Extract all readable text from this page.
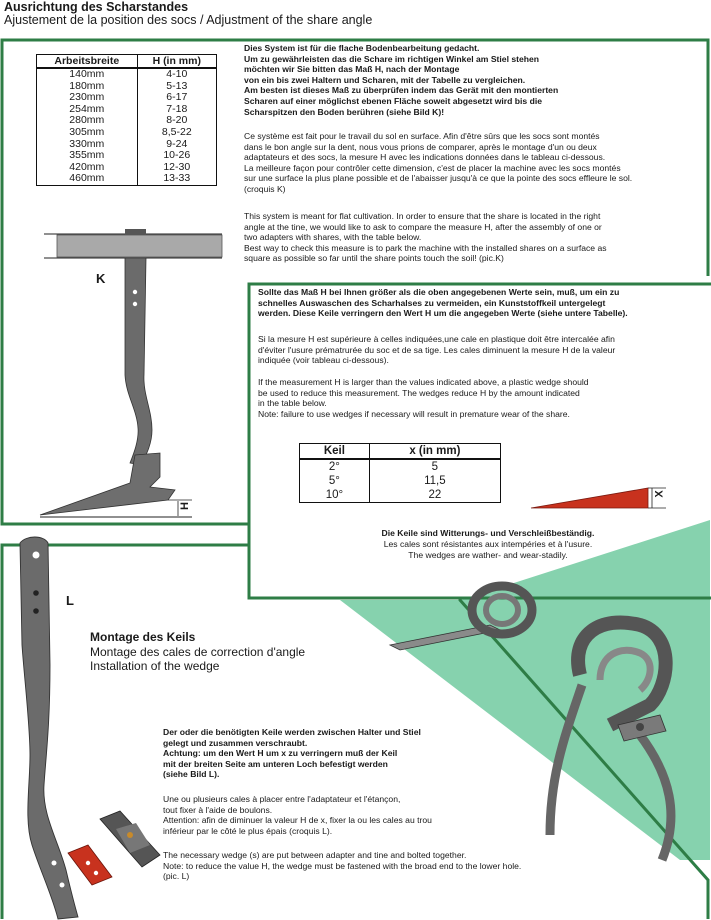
Ausrichtung des Scharstandes
Ajustement de la position des socs / Adjustment of the share angle
Arbeitsbreite	H (in mm)
140mm	4-10
180mm	5-13
230mm	6-17
254mm	7-18
280mm	8-20
305mm	8,5-22
330mm	9-24
355mm	10-26
420mm	12-30
460mm	13-33
Dies System ist für die flache Bodenbearbeitung gedacht.
Um zu gewährleisten das die Schare im richtigen Winkel am Stiel stehen
möchten wir Sie bitten das Maß H, nach der Montage
von ein bis zwei Haltern und Scharen, mit der Tabelle zu vergleichen.
Am besten ist dieses Maß zu überprüfen indem das Gerät mit den montierten
Scharen auf einer möglichst ebenen Fläche soweit abgesetzt wird bis die
Scharspitzen den Boden berühren (siehe Bild K)!
Ce système est fait pour le travail du sol en surface. Afin d'être sûrs que les socs sont montés
dans le bon angle sur la dent, nous vous prions de comparer, après le montage d'un ou deux
adaptateurs et des socs, la mesure H avec les indications données dans le tableau ci-dessous.
La meilleure façon pour contrôler cette dimension, c'est de placer la machine avec les socs montés
sur une surface la plus plane possible et de l'abaisser jusqu'à ce que la pointe des socs effleure le sol.
(croquis K)
This system is meant for flat cultivation. In order to ensure that the share is located in the right
angle at the tine, we would like to ask to compare the measure H, after the assembly of one or
two adapters with shares, with the table below.
Best way to check this measure is to park the machine with the installed shares on a surface as
square as possible so far until the share points touch the soil! (pic.K)
K
H
Sollte das Maß H bei Ihnen größer als die oben angegebenen Werte sein, muß, um ein zu
schnelles Auswaschen des Scharhalses zu vermeiden, ein Kunststoffkeil untergelegt
werden. Diese Keile verringern den Wert H um die angegeben Werte (siehe untere Tabelle).
Si la mesure H est supérieure à celles indiquées,une cale en plastique doit être intercalée afin
d'éviter l'usure prématrurée du soc et de sa tige. Les cales diminuent la mesure H de la valeur
indiquée (voir tableau ci-dessous).
If the measurement H is larger than the values indicated above, a plastic wedge should
be used to reduce this measurement. The wedges reduce H by the amount indicated
in the table below.
Note: failure to use wedges if necessary will result in premature wear of the share.
Keil	x (in mm)
2°	5
5°	11,5
10°	22	X
Die Keile sind Witterungs- und Verschleißbeständig.
Les cales sont résistantes aux intempéries et à l'usure.
The wedges are wather- and wear-stadily.
L
Montage des Keils
Montage des cales de correction d'angle
Installation of the wedge
Der oder die benötigten Keile werden zwischen Halter und Stiel
gelegt und zusammen verschraubt.
Achtung: um den Wert H um x zu verringern muß der Keil
mit der breiten Seite am unteren Loch befestigt werden
(siehe Bild L).
Une ou plusieurs cales à placer entre l'adaptateur et l'étançon,
tout fixer à l'aide de boulons.
Attention: afin de diminuer la valeur H de x, fixer la ou les cales au trou
inférieur par le côté le plus épais (croquis L).
The necessary wedge (s) are put between adapter and tine and bolted together.
Note: to reduce the value H, the wedge must be fastened with the broad end to the lower hole.
(pic. L)
